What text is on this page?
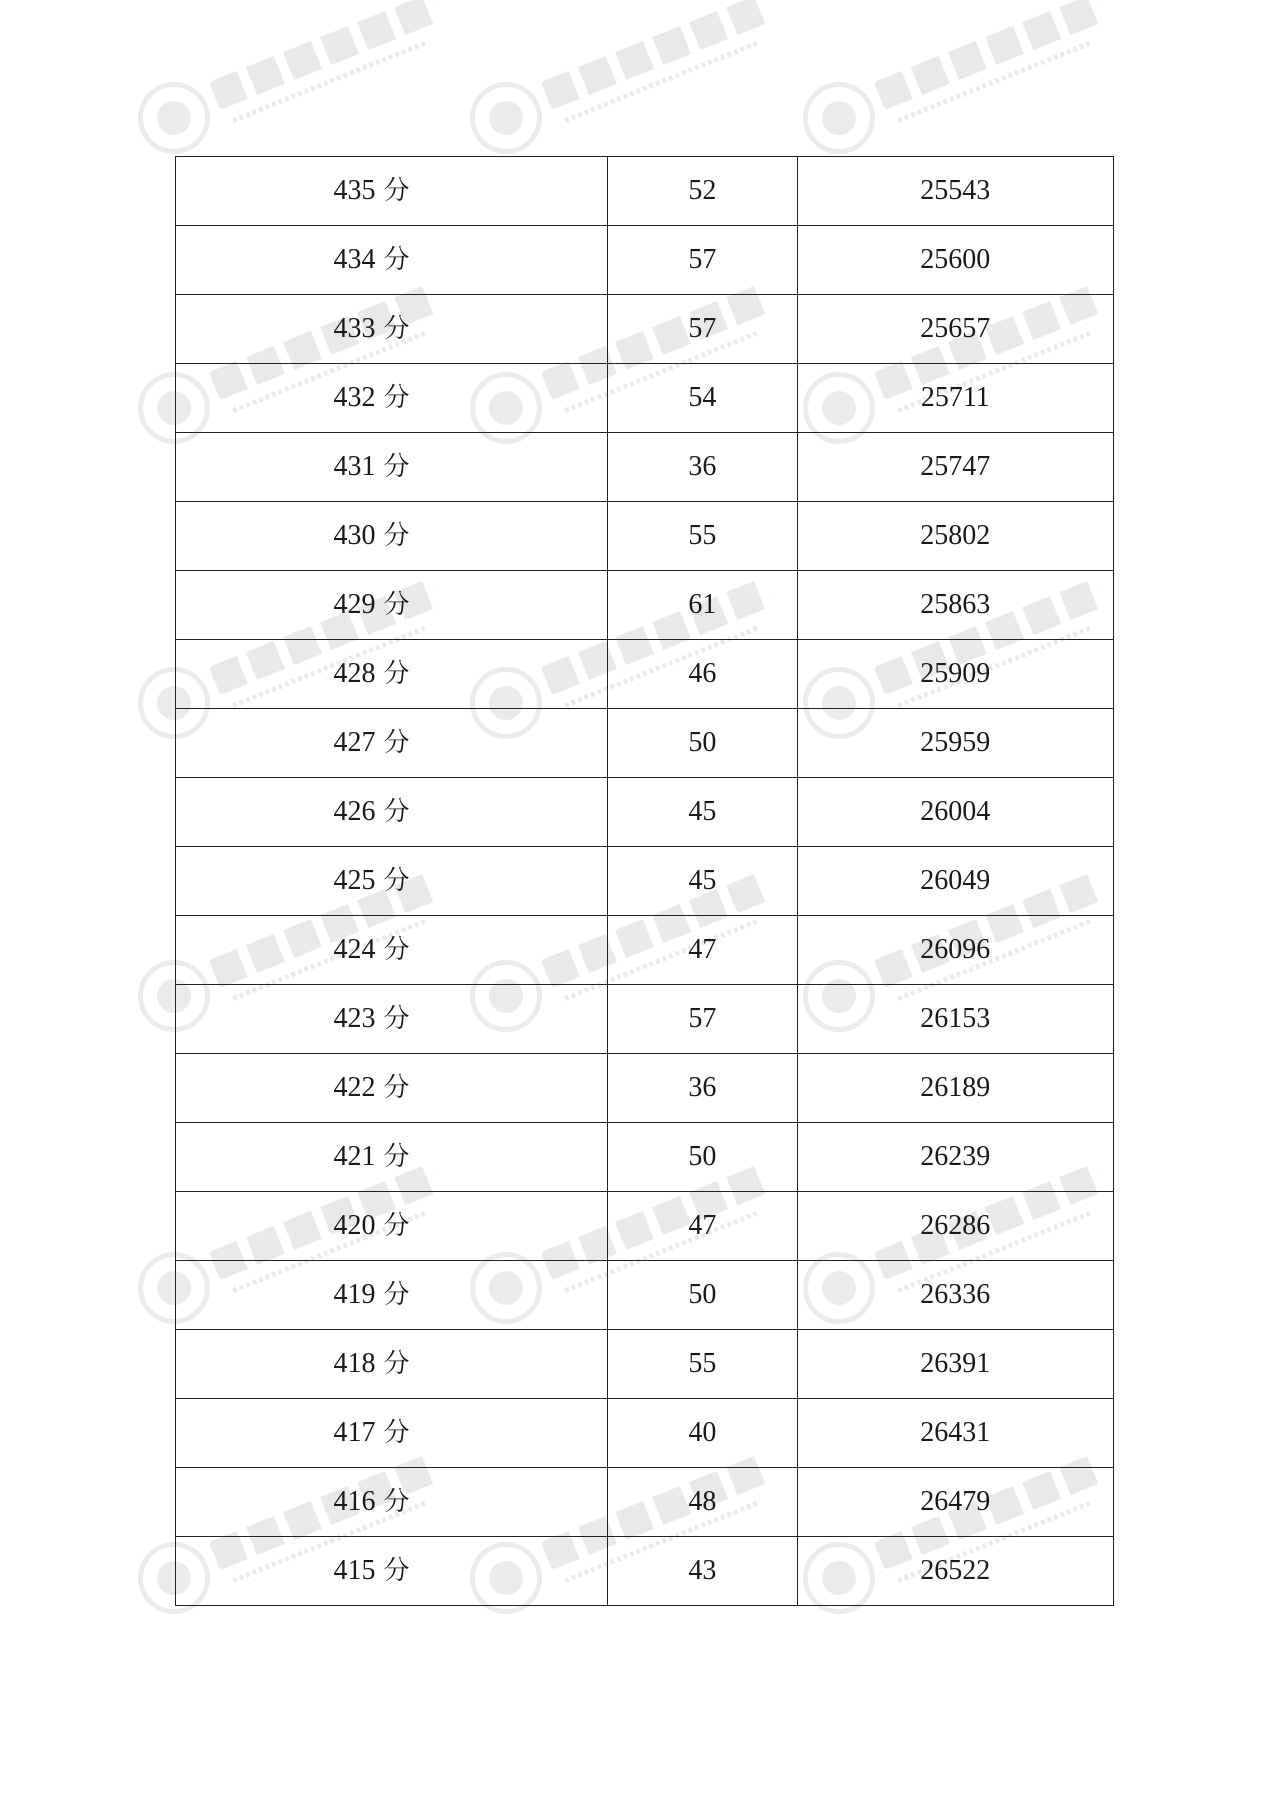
435 分	52	25543
434 分	57	25600
433 分	57	25657
432 分	54	25711
431 分	36	25747
430 分	55	25802
429 分	61	25863
428 分	46	25909
427 分	50	25959
426 分	45	26004
425 分	45	26049
424 分	47	26096
423 分	57	26153
422 分	36	26189
421 分	50	26239
420 分	47	26286
419 分	50	26336
418 分	55	26391
417 分	40	26431
416 分	48	26479
415 分	43	26522
